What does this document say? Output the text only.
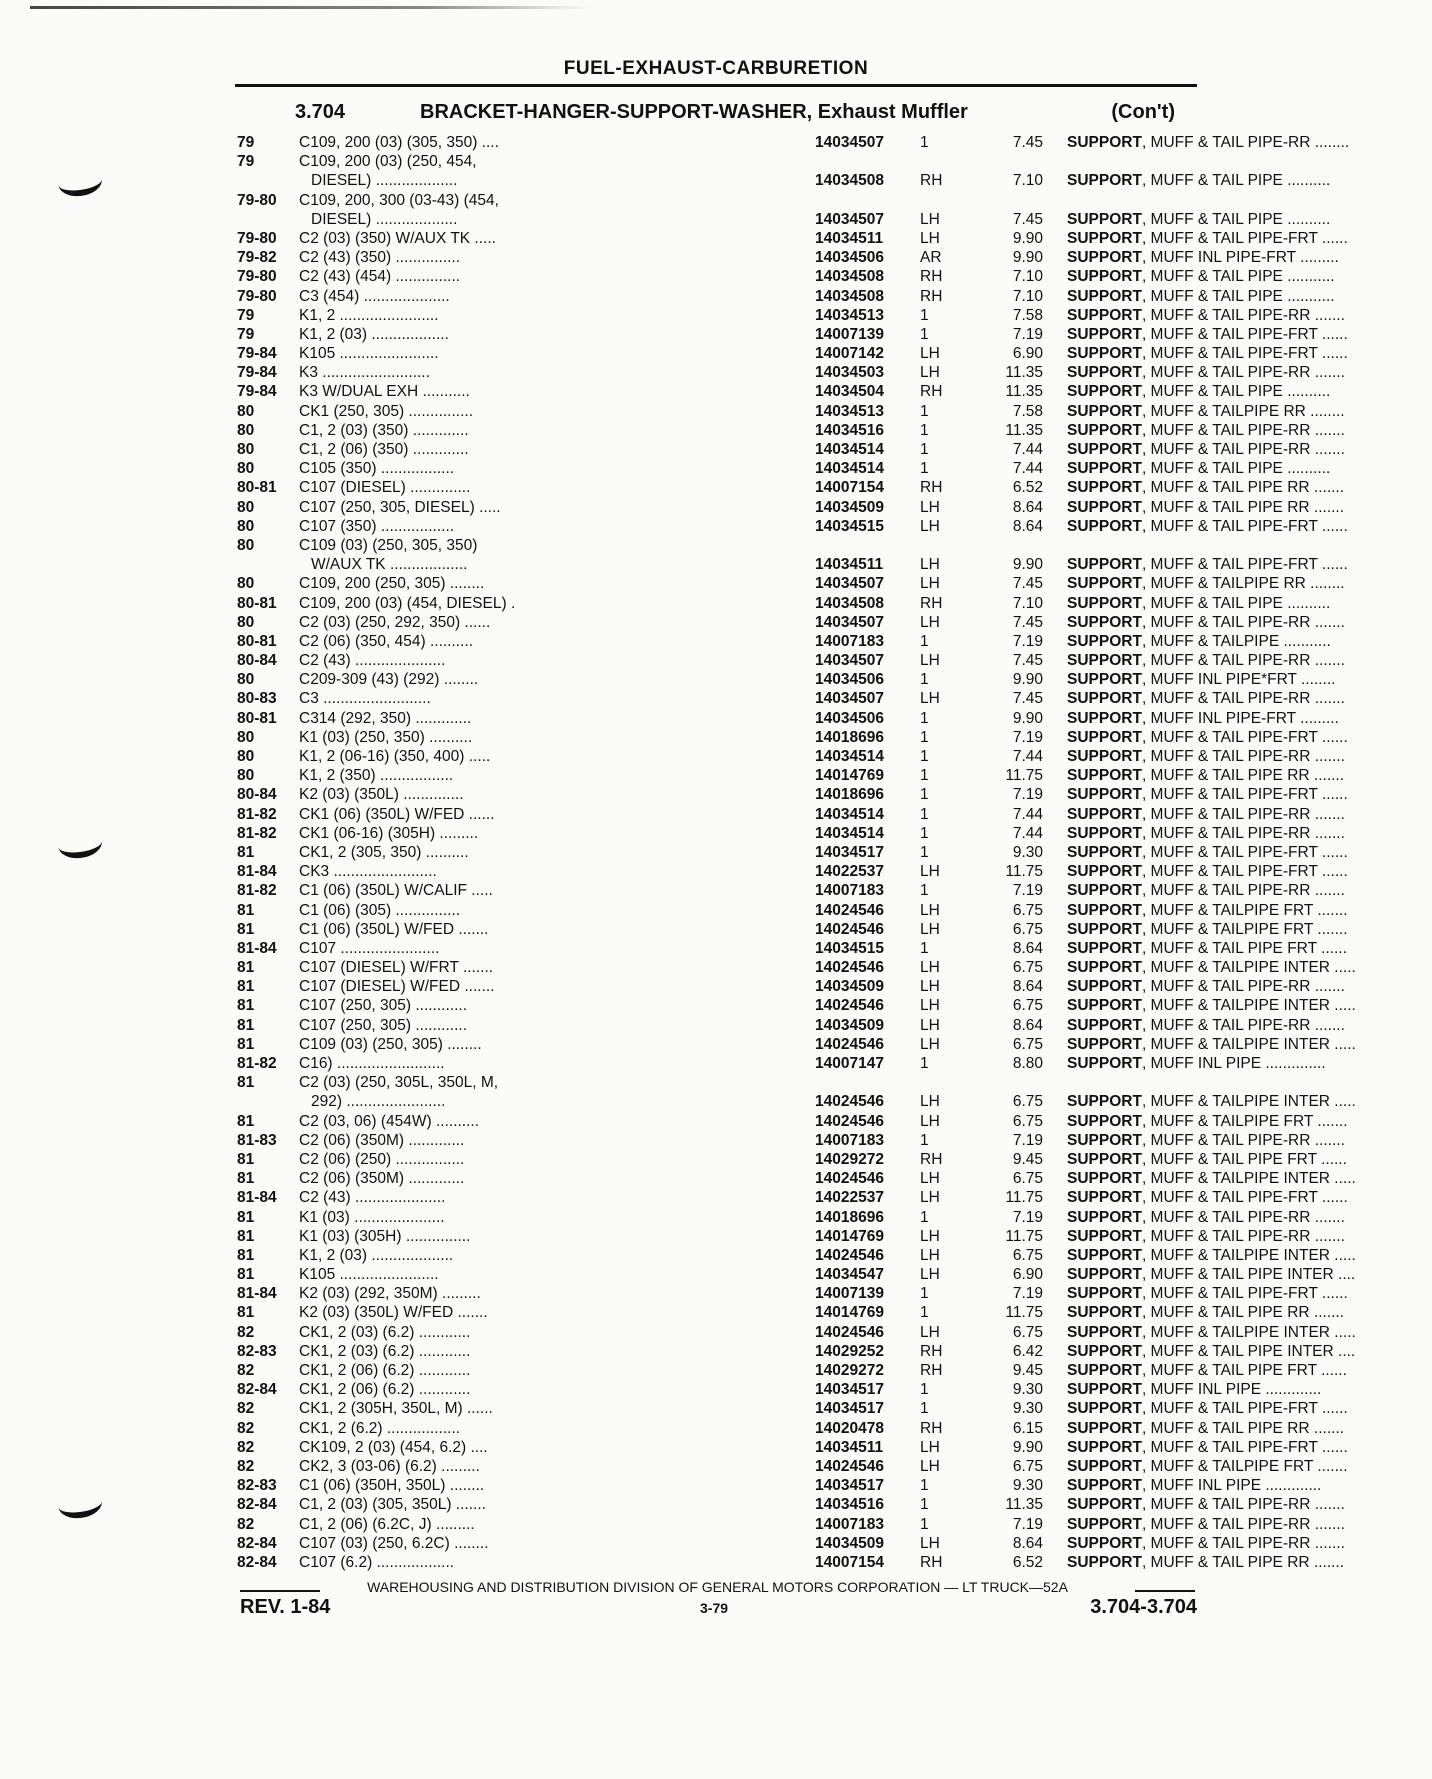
FUEL-EXHAUST-CARBURETION
3.704	BRACKET-HANGER-SUPPORT-WASHER, Exhaust Muffler	(Con't)
79	C109, 200 (03) (305, 350) ....	14034507 1	7.45 SUPPORT, MUFF & TAIL PIPE-RR ........
79	C109, 200 (03) (250, 454,
DIESEL) ...................	14034508 RH	7.10 SUPPORT, MUFF & TAIL PIPE ..........
79-80 C109, 200, 300 (03-43) (454,
DIESEL) ...................	14034507 LH	7.45 SUPPORT, MUFF & TAIL PIPE ..........
79-80 C2 (03) (350) W/AUX TK .....	14034511 LH	9.90 SUPPORT, MUFF & TAIL PIPE-FRT ......
79-82 C2 (43) (350) ...............	14034506 AR	9.90 SUPPORT, MUFF INL PIPE-FRT .........
79-80 C2 (43) (454) ...............	14034508 RH	7.10 SUPPORT, MUFF & TAIL PIPE ...........
79-80 C3 (454) ....................	14034508 RH	7.10 SUPPORT, MUFF & TAIL PIPE ...........
79	K1, 2 .......................	14034513 1	7.58 SUPPORT, MUFF & TAIL PIPE-RR .......
79	K1, 2 (03) ..................	14007139 1	7.19 SUPPORT, MUFF & TAIL PIPE-FRT ......
79-84 K105 .......................	14007142 LH	6.90 SUPPORT, MUFF & TAIL PIPE-FRT ......
79-84 K3 .........................	14034503 LH	11.35 SUPPORT, MUFF & TAIL PIPE-RR .......
79-84 K3 W/DUAL EXH ...........	14034504 RH	11.35 SUPPORT, MUFF & TAIL PIPE ..........
80	CK1 (250, 305) ...............	14034513 1	7.58 SUPPORT, MUFF & TAILPIPE RR ........
80	C1, 2 (03) (350) .............	14034516 1	11.35 SUPPORT, MUFF & TAIL PIPE-RR .......
80	C1, 2 (06) (350) .............	14034514 1	7.44 SUPPORT, MUFF & TAIL PIPE-RR .......
80	C105 (350) .................	14034514 1	7.44 SUPPORT, MUFF & TAIL PIPE ..........
80-81 C107 (DIESEL) ..............	14007154 RH	6.52 SUPPORT, MUFF & TAIL PIPE RR .......
80	C107 (250, 305, DIESEL) .....	14034509 LH	8.64 SUPPORT, MUFF & TAIL PIPE RR .......
80	C107 (350) .................	14034515 LH	8.64 SUPPORT, MUFF & TAIL PIPE-FRT ......
80	C109 (03) (250, 305, 350)
W/AUX TK ..................	14034511 LH	9.90 SUPPORT, MUFF & TAIL PIPE-FRT ......
80	C109, 200 (250, 305) ........	14034507 LH	7.45 SUPPORT, MUFF & TAILPIPE RR ........
80-81 C109, 200 (03) (454, DIESEL) .	14034508 RH	7.10 SUPPORT, MUFF & TAIL PIPE ..........
80	C2 (03) (250, 292, 350) ......	14034507 LH	7.45 SUPPORT, MUFF & TAIL PIPE-RR .......
80-81 C2 (06) (350, 454) ..........	14007183 1	7.19 SUPPORT, MUFF & TAILPIPE ...........
80-84 C2 (43) .....................	14034507 LH	7.45 SUPPORT, MUFF & TAIL PIPE-RR .......
80	C209-309 (43) (292) ........	14034506 1	9.90 SUPPORT, MUFF INL PIPE*FRT ........
80-83 C3 .........................	14034507 LH	7.45 SUPPORT, MUFF & TAIL PIPE-RR .......
80-81 C314 (292, 350) .............	14034506 1	9.90 SUPPORT, MUFF INL PIPE-FRT .........
80	K1 (03) (250, 350) ..........	14018696 1	7.19 SUPPORT, MUFF & TAIL PIPE-FRT ......
80	K1, 2 (06-16) (350, 400) .....	14034514 1	7.44 SUPPORT, MUFF & TAIL PIPE-RR .......
80	K1, 2 (350) .................	14014769 1	11.75 SUPPORT, MUFF & TAIL PIPE RR .......
80-84 K2 (03) (350L) ..............	14018696 1	7.19 SUPPORT, MUFF & TAIL PIPE-FRT ......
81-82 CK1 (06) (350L) W/FED ......	14034514 1	7.44 SUPPORT, MUFF & TAIL PIPE-RR .......
81-82 CK1 (06-16) (305H) .........	14034514 1	7.44 SUPPORT, MUFF & TAIL PIPE-RR .......
81	CK1, 2 (305, 350) ..........	14034517 1	9.30 SUPPORT, MUFF & TAIL PIPE-FRT ......
81-84 CK3 ........................	14022537 LH	11.75 SUPPORT, MUFF & TAIL PIPE-FRT ......
81-82 C1 (06) (350L) W/CALIF .....	14007183 1	7.19 SUPPORT, MUFF & TAIL PIPE-RR .......
81	C1 (06) (305) ...............	14024546 LH	6.75 SUPPORT, MUFF & TAILPIPE FRT .......
81	C1 (06) (350L) W/FED .......	14024546 LH	6.75 SUPPORT, MUFF & TAILPIPE FRT .......
81-84 C107 .......................	14034515 1	8.64 SUPPORT, MUFF & TAIL PIPE FRT ......
81	C107 (DIESEL) W/FRT .......	14024546 LH	6.75 SUPPORT, MUFF & TAILPIPE INTER .....
81	C107 (DIESEL) W/FED .......	14034509 LH	8.64 SUPPORT, MUFF & TAIL PIPE-RR .......
81	C107 (250, 305) ............	14024546 LH	6.75 SUPPORT, MUFF & TAILPIPE INTER .....
81	C107 (250, 305) ............	14034509 LH	8.64 SUPPORT, MUFF & TAIL PIPE-RR .......
81	C109 (03) (250, 305) ........	14024546 LH	6.75 SUPPORT, MUFF & TAILPIPE INTER .....
81-82 C16) .........................	14007147 1	8.80 SUPPORT, MUFF INL PIPE ..............
81	C2 (03) (250, 305L, 350L, M,
292) .......................	14024546 LH	6.75 SUPPORT, MUFF & TAILPIPE INTER .....
81	C2 (03, 06) (454W) ..........	14024546 LH	6.75 SUPPORT, MUFF & TAILPIPE FRT .......
81-83 C2 (06) (350M) .............	14007183 1	7.19 SUPPORT, MUFF & TAIL PIPE-RR .......
81	C2 (06) (250) ................	14029272 RH	9.45 SUPPORT, MUFF & TAIL PIPE FRT ......
81	C2 (06) (350M) .............	14024546 LH	6.75 SUPPORT, MUFF & TAILPIPE INTER .....
81-84 C2 (43) .....................	14022537 LH	11.75 SUPPORT, MUFF & TAIL PIPE-FRT ......
81	K1 (03) .....................	14018696 1	7.19 SUPPORT, MUFF & TAIL PIPE-RR .......
81	K1 (03) (305H) ...............	14014769 LH	11.75 SUPPORT, MUFF & TAIL PIPE-RR .......
81	K1, 2 (03) ...................	14024546 LH	6.75 SUPPORT, MUFF & TAILPIPE INTER .....
81	K105 .......................	14034547 LH	6.90 SUPPORT, MUFF & TAIL PIPE INTER ....
81-84 K2 (03) (292, 350M) .........	14007139 1	7.19 SUPPORT, MUFF & TAIL PIPE-FRT ......
81	K2 (03) (350L) W/FED .......	14014769 1	11.75 SUPPORT, MUFF & TAIL PIPE RR .......
82	CK1, 2 (03) (6.2) ............	14024546 LH	6.75 SUPPORT, MUFF & TAILPIPE INTER .....
82-83 CK1, 2 (03) (6.2) ............	14029252 RH	6.42 SUPPORT, MUFF & TAIL PIPE INTER ....
82	CK1, 2 (06) (6.2) ............	14029272 RH	9.45 SUPPORT, MUFF & TAIL PIPE FRT ......
82-84 CK1, 2 (06) (6.2) ............	14034517 1	9.30 SUPPORT, MUFF INL PIPE .............
82	CK1, 2 (305H, 350L, M) ......	14034517 1	9.30 SUPPORT, MUFF & TAIL PIPE-FRT ......
82	CK1, 2 (6.2) .................	14020478 RH	6.15 SUPPORT, MUFF & TAIL PIPE RR .......
82	CK109, 2 (03) (454, 6.2) ....	14034511 LH	9.90 SUPPORT, MUFF & TAIL PIPE-FRT ......
82	CK2, 3 (03-06) (6.2) .........	14024546 LH	6.75 SUPPORT, MUFF & TAILPIPE FRT .......
82-83 C1 (06) (350H, 350L) ........	14034517 1	9.30 SUPPORT, MUFF INL PIPE .............
82-84 C1, 2 (03) (305, 350L) .......	14034516 1	11.35 SUPPORT, MUFF & TAIL PIPE-RR .......
82	C1, 2 (06) (6.2C, J) .........	14007183 1	7.19 SUPPORT, MUFF & TAIL PIPE-RR .......
82-84 C107 (03) (250, 6.2C) ........	14034509 LH	8.64 SUPPORT, MUFF & TAIL PIPE-RR .......
82-84 C107 (6.2) ..................	14007154 RH	6.52 SUPPORT, MUFF & TAIL PIPE RR .......
WAREHOUSING AND DISTRIBUTION DIVISION OF GENERAL MOTORS CORPORATION — LT TRUCK—52A
REV. 1-84	3-79	3.704-3.704
